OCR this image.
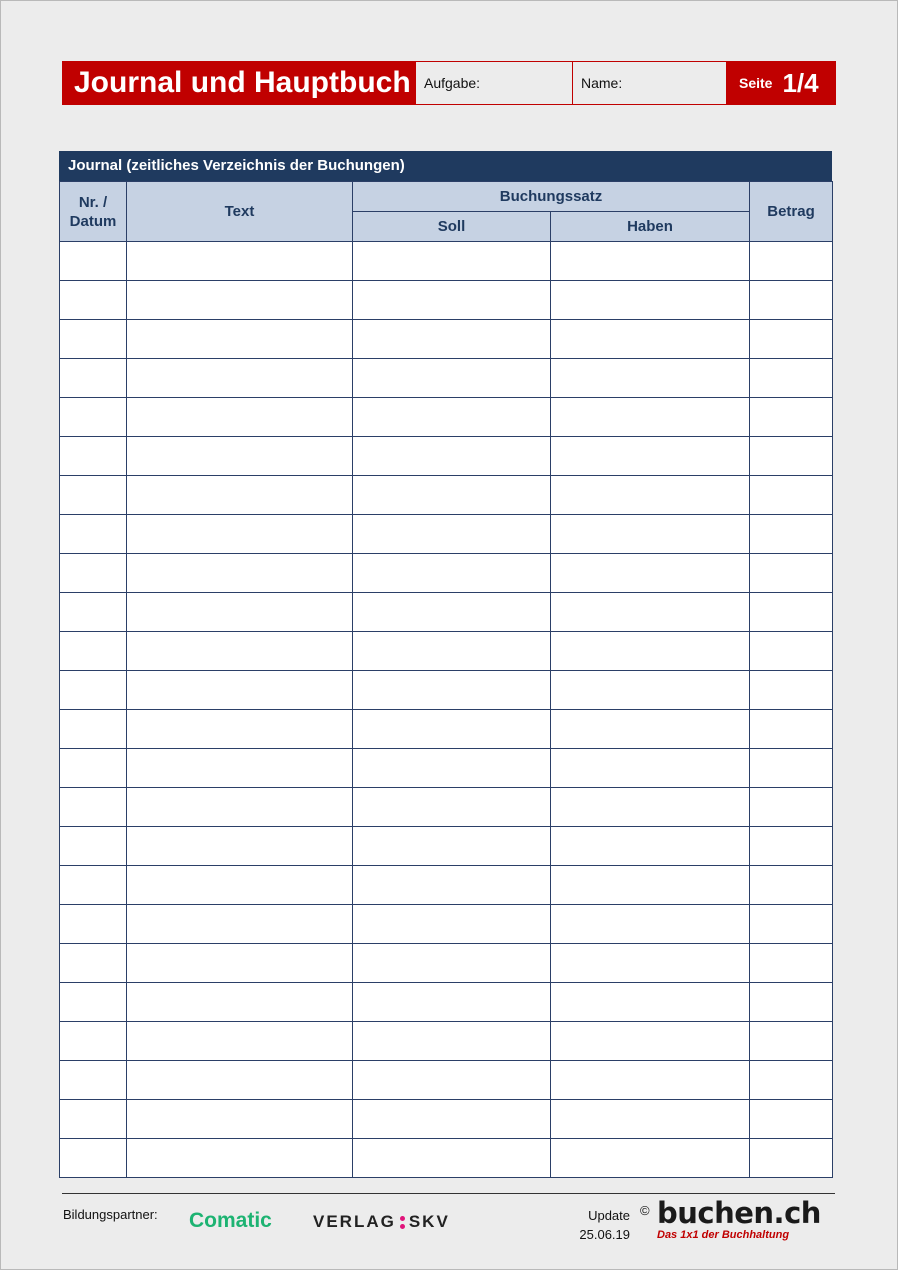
Journal und Hauptbuch Aufgabe:	Name:	Seite 1/4
Journal (zeitliches Verzeichnis der Buchungen)
Nr. /
Datum	Text	Buchungssatz		Betrag
		Soll	Haben	

Bildungspartner: Comatic VERLAG SKV	Update
25.06.19
© buchen.ch
Das 1x1 der Buchhaltung
